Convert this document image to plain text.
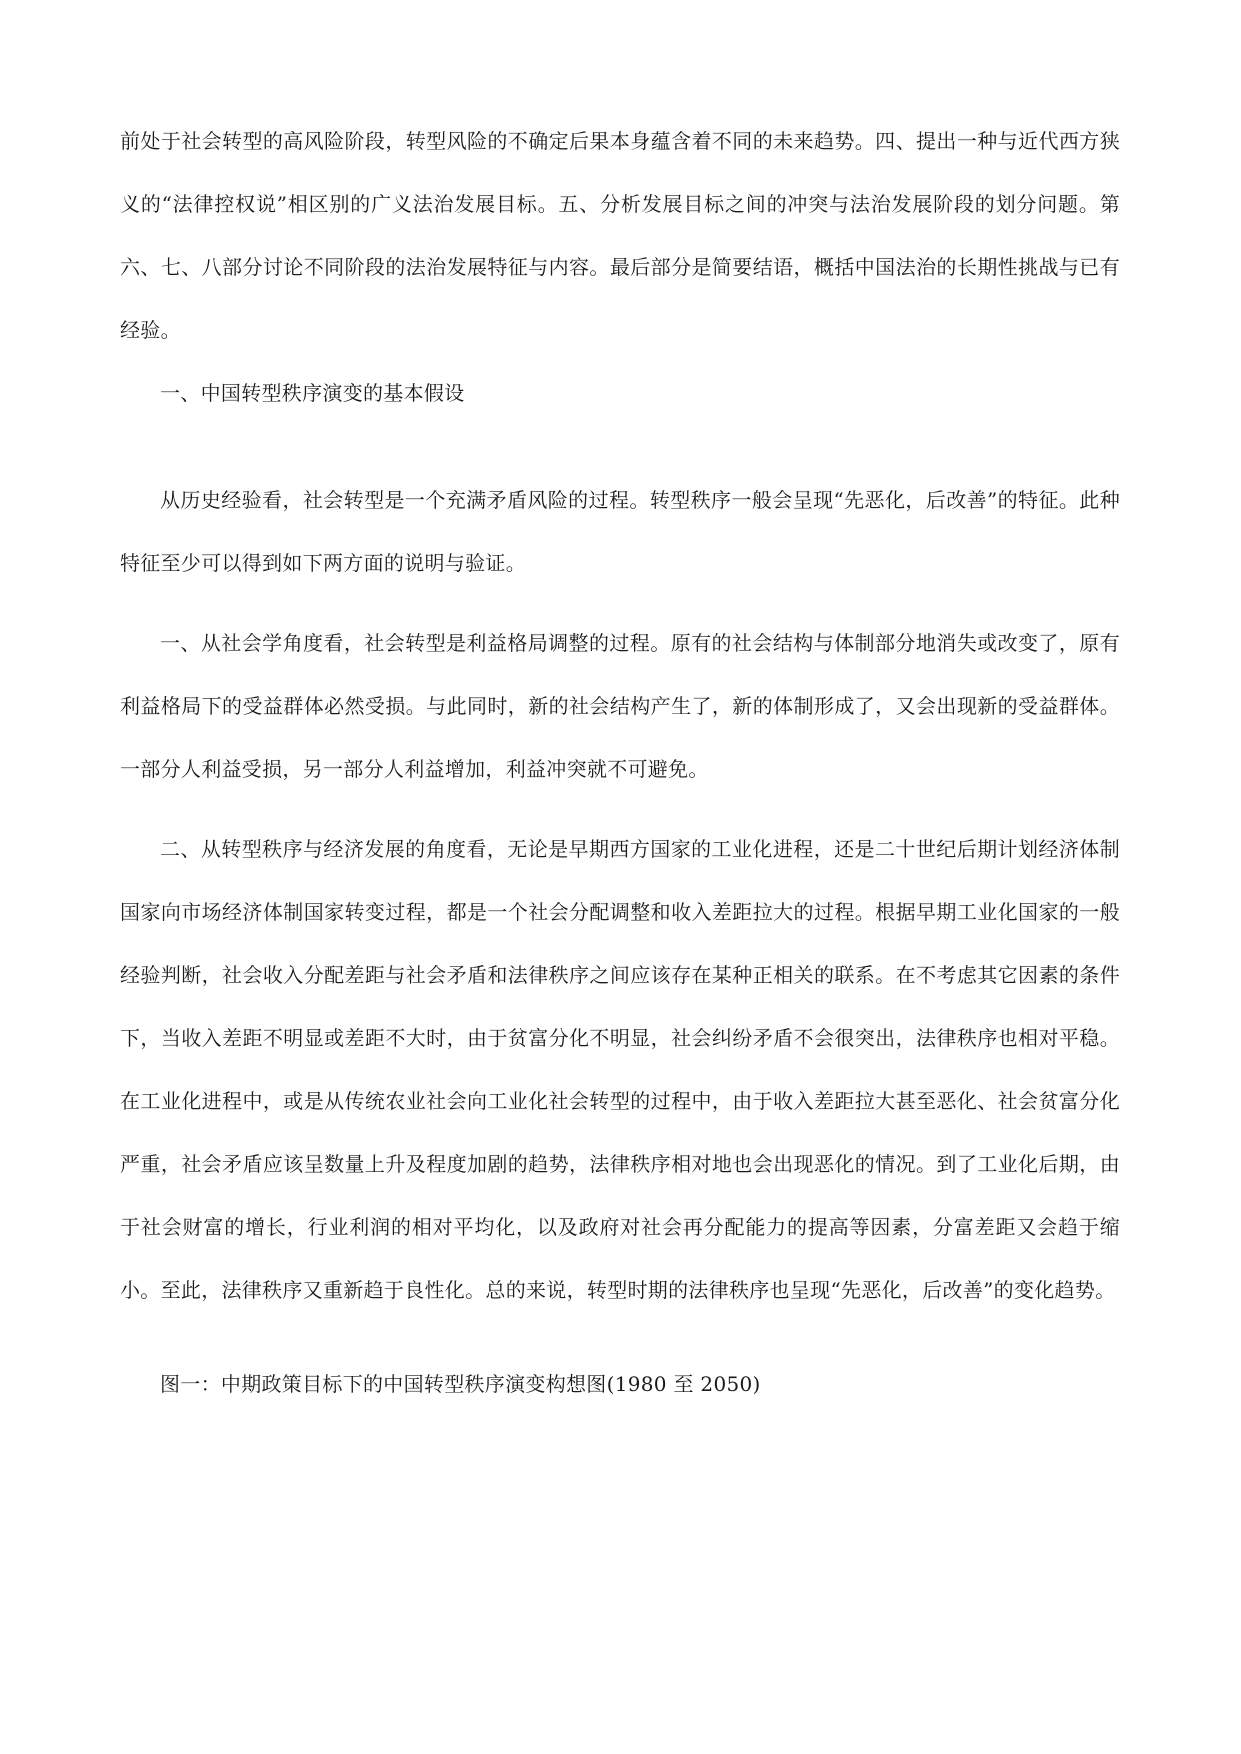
前处于社会转型的高风险阶段，转型风险的不确定后果本身蕴含着不同的未来趋势。四、提出一种与近代西方狭义的“法律控权说”相区别的广义法治发展目标。五、分析发展目标之间的冲突与法治发展阶段的划分问题。第六、七、八部分讨论不同阶段的法治发展特征与内容。最后部分是简要结语，概括中国法治的长期性挑战与已有经验。

一、中国转型秩序演变的基本假设

从历史经验看，社会转型是一个充满矛盾风险的过程。转型秩序一般会呈现“先恶化，后改善”的特征。此种特征至少可以得到如下两方面的说明与验证。

一、从社会学角度看，社会转型是利益格局调整的过程。原有的社会结构与体制部分地消失或改变了，原有利益格局下的受益群体必然受损。与此同时，新的社会结构产生了，新的体制形成了，又会出现新的受益群体。一部分人利益受损，另一部分人利益增加，利益冲突就不可避免。

二、从转型秩序与经济发展的角度看，无论是早期西方国家的工业化进程，还是二十世纪后期计划经济体制国家向市场经济体制国家转变过程，都是一个社会分配调整和收入差距拉大的过程。根据早期工业化国家的一般经验判断，社会收入分配差距与社会矛盾和法律秩序之间应该存在某种正相关的联系。在不考虑其它因素的条件下，当收入差距不明显或差距不大时，由于贫富分化不明显，社会纠纷矛盾不会很突出，法律秩序也相对平稳。在工业化进程中，或是从传统农业社会向工业化社会转型的过程中，由于收入差距拉大甚至恶化、社会贫富分化严重，社会矛盾应该呈数量上升及程度加剧的趋势，法律秩序相对地也会出现恶化的情况。到了工业化后期，由于社会财富的增长，行业利润的相对平均化，以及政府对社会再分配能力的提高等因素，分富差距又会趋于缩小。至此，法律秩序又重新趋于良性化。总的来说，转型时期的法律秩序也呈现“先恶化，后改善”的变化趋势。

图一：中期政策目标下的中国转型秩序演变构想图(1980 至 2050)
